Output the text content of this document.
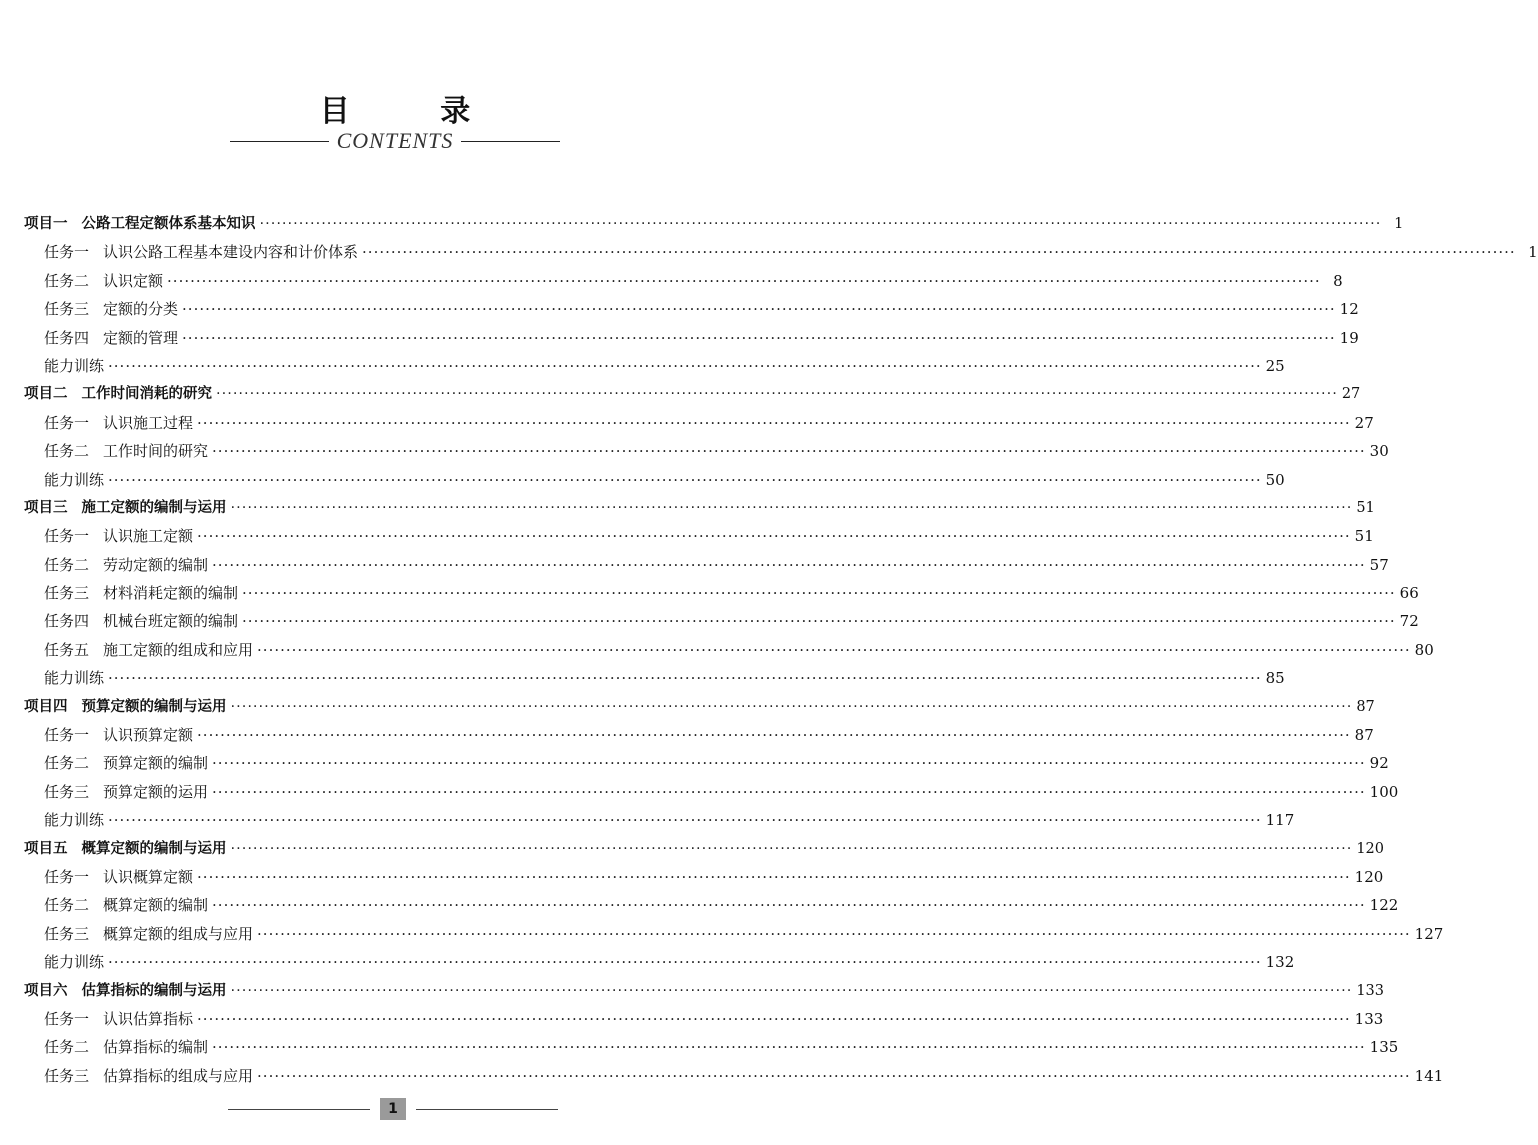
目 录
CONTENTS
项目一 公路工程定额体系基本知识 ········································································································································································································ 1
任务一 认识公路工程基本建设内容和计价体系 ········································································································································································································ 1
任务二 认识定额 ········································································································································································································ 8
任务三 定额的分类 ········································································································································································································ 12
任务四 定额的管理 ········································································································································································································ 19
能力训练 ········································································································································································································ 25
项目二 工作时间消耗的研究 ········································································································································································································ 27
任务一 认识施工过程 ········································································································································································································ 27
任务二 工作时间的研究 ········································································································································································································ 30
能力训练 ········································································································································································································ 50
项目三 施工定额的编制与运用 ········································································································································································································ 51
任务一 认识施工定额 ········································································································································································································ 51
任务二 劳动定额的编制 ········································································································································································································ 57
任务三 材料消耗定额的编制 ········································································································································································································ 66
任务四 机械台班定额的编制 ········································································································································································································ 72
任务五 施工定额的组成和应用 ········································································································································································································ 80
能力训练 ········································································································································································································ 85
项目四 预算定额的编制与运用 ········································································································································································································ 87
任务一 认识预算定额 ········································································································································································································ 87
任务二 预算定额的编制 ········································································································································································································ 92
任务三 预算定额的运用 ········································································································································································································ 100
能力训练 ········································································································································································································ 117
项目五 概算定额的编制与运用 ········································································································································································································ 120
任务一 认识概算定额 ········································································································································································································ 120
任务二 概算定额的编制 ········································································································································································································ 122
任务三 概算定额的组成与应用 ········································································································································································································ 127
能力训练 ········································································································································································································ 132
项目六 估算指标的编制与运用 ········································································································································································································ 133
任务一 认识估算指标 ········································································································································································································ 133
任务二 估算指标的编制 ········································································································································································································ 135
任务三 估算指标的组成与应用 ········································································································································································································ 141
1
